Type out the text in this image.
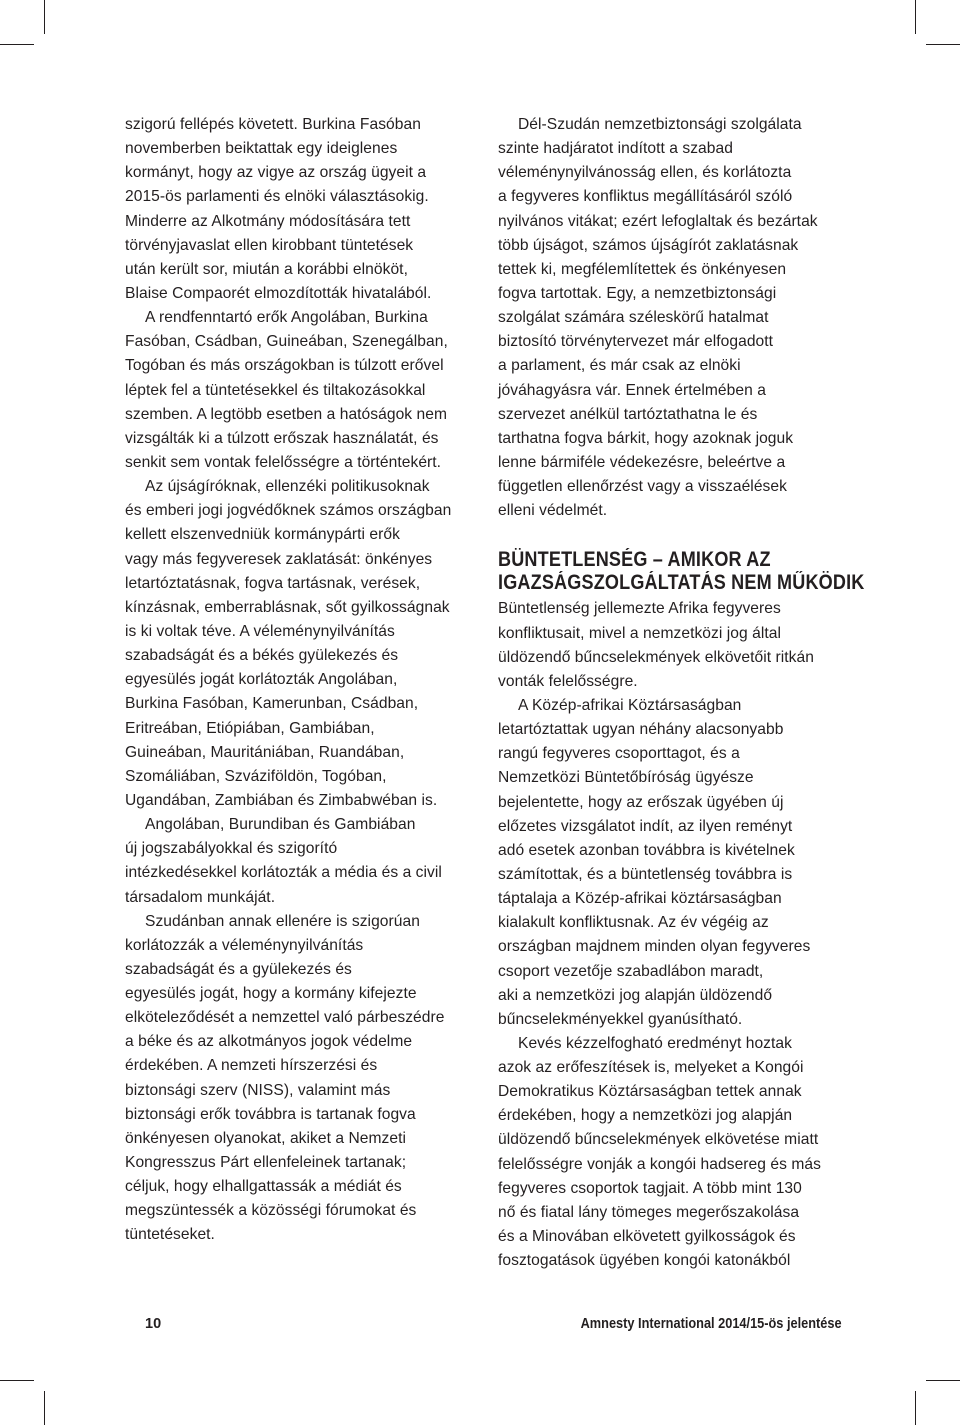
szigorú fellépés követett. Burkina Fasóban
novemberben beiktattak egy ideiglenes
kormányt, hogy az vigye az ország ügyeit a
2015-ös parlamenti és elnöki választásokig.
Minderre az Alkotmány módosítására tett
törvényjavaslat ellen kirobbant tüntetések
után került sor, miután a korábbi elnököt,
Blaise Compaorét elmozdították hivatalából.
A rendfenntartó erők Angolában, Burkina
Fasóban, Csádban, Guineában, Szenegálban,
Togóban és más országokban is túlzott erővel
léptek fel a tüntetésekkel és tiltakozásokkal
szemben. A legtöbb esetben a hatóságok nem
vizsgálták ki a túlzott erőszak használatát, és
senkit sem vontak felelősségre a történtekért.
Az újságíróknak, ellenzéki politikusoknak
és emberi jogi jogvédőknek számos országban
kellett elszenvedniük kormánypárti erők
vagy más fegyveresek zaklatását: önkényes
letartóztatásnak, fogva tartásnak, verések,
kínzásnak, emberrablásnak, sőt gyilkosságnak
is ki voltak téve. A véleménynyilvánítás
szabadságát és a békés gyülekezés és
egyesülés jogát korlátozták Angolában,
Burkina Fasóban, Kamerunban, Csádban,
Eritreában, Etiópiában, Gambiában,
Guineában, Mauritániában, Ruandában,
Szomáliában, Szváziföldön, Togóban,
Ugandában, Zambiában és Zimbabwéban is.
Angolában, Burundiban és Gambiában
új jogszabályokkal és szigorító
intézkedésekkel korlátozták a média és a civil
társadalom munkáját.
Szudánban annak ellenére is szigorúan
korlátozzák a véleménynyilvánítás
szabadságát és a gyülekezés és
egyesülés jogát, hogy a kormány kifejezte
elköteleződését a nemzettel való párbeszédre
a béke és az alkotmányos jogok védelme
érdekében. A nemzeti hírszerzési és
biztonsági szerv (NISS), valamint más
biztonsági erők továbbra is tartanak fogva
önkényesen olyanokat, akiket a Nemzeti
Kongresszus Párt ellenfeleinek tartanak;
céljuk, hogy elhallgattassák a médiát és
megszüntessék a közösségi fórumokat és
tüntetéseket.
Dél-Szudán nemzetbiztonsági szolgálata
szinte hadjáratot indított a szabad
véleménynyilvánosság ellen, és korlátozta
a fegyveres konfliktus megállításáról szóló
nyilvános vitákat; ezért lefoglaltak és bezártak
több újságot, számos újságírót zaklatásnak
tettek ki, megfélemlítettek és önkényesen
fogva tartottak. Egy, a nemzetbiztonsági
szolgálat számára széleskörű hatalmat
biztosító törvénytervezet már elfogadott
a parlament, és már csak az elnöki
jóváhagyásra vár. Ennek értelmében a
szervezet anélkül tartóztathatna le és
tarthatna fogva bárkit, hogy azoknak joguk
lenne bármiféle védekezésre, beleértve a
független ellenőrzést vagy a visszaélések
elleni védelmét.
BÜNTETLENSÉG – AMIKOR AZ
IGAZSÁGSZOLGÁLTATÁS NEM MŰKÖDIK
Büntetlenség jellemezte Afrika fegyveres
konfliktusait, mivel a nemzetközi jog által
üldözendő bűncselekmények elkövetőit ritkán
vonták felelősségre.
A Közép-afrikai Köztársaságban
letartóztattak ugyan néhány alacsonyabb
rangú fegyveres csoporttagot, és a
Nemzetközi Büntetőbíróság ügyésze
bejelentette, hogy az erőszak ügyében új
előzetes vizsgálatot indít, az ilyen reményt
adó esetek azonban továbbra is kivételnek
számítottak, és a büntetlenség továbbra is
táptalaja a Közép-afrikai köztársaságban
kialakult konfliktusnak. Az év végéig az
országban majdnem minden olyan fegyveres
csoport vezetője szabadlábon maradt,
aki a nemzetközi jog alapján üldözendő
bűncselekményekkel gyanúsítható.
Kevés kézzelfogható eredményt hoztak
azok az erőfeszítések is, melyeket a Kongói
Demokratikus Köztársaságban tettek annak
érdekében, hogy a nemzetközi jog alapján
üldözendő bűncselekmények elkövetése miatt
felelősségre vonják a kongói hadsereg és más
fegyveres csoportok tagjait. A több mint 130
nő és fiatal lány tömeges megerőszakolása
és a Minovában elkövetett gyilkosságok és
fosztogatások ügyében kongói katonákból
10	Amnesty International 2014/15-ös jelentése
